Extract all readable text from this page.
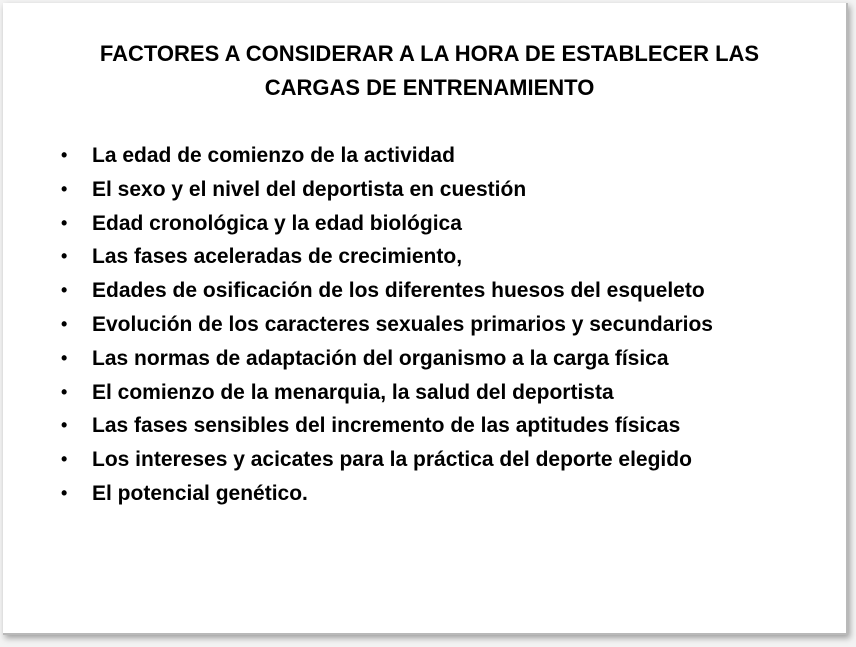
FACTORES A CONSIDERAR A LA HORA DE ESTABLECER LAS
CARGAS DE ENTRENAMIENTO
• La edad de comienzo de la actividad
• El sexo y el nivel del deportista en cuestión
• Edad cronológica y la edad biológica
• Las fases aceleradas de crecimiento,
• Edades de osificación de los diferentes huesos del esqueleto
• Evolución de los caracteres sexuales primarios y secundarios
• Las normas de adaptación del organismo a la carga física
• El comienzo de la menarquia, la salud del deportista
• Las fases sensibles del incremento de las aptitudes físicas
• Los intereses y acicates para la práctica del deporte elegido
• El potencial genético.
